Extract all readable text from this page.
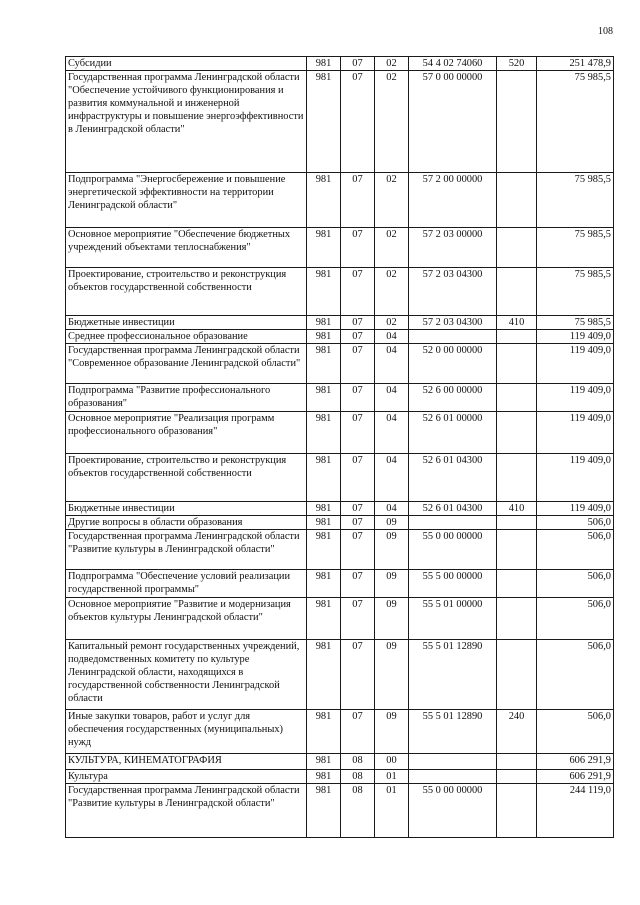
108
Субсидии	981	07	02	54 4 02 74060	520	251 478,9
Государственная программа Ленинградской области "Обеспечение устойчивого функционирования и развития коммунальной и инженерной инфраструктуры и повышение энергоэффективности в Ленинградской области"	981	07	02	57 0 00 00000		75 985,5
Подпрограмма "Энергосбережение и повышение энергетической эффективности на территории Ленинградской области"	981	07	02	57 2 00 00000		75 985,5
Основное мероприятие "Обеспечение бюджетных учреждений объектами теплоснабжения"	981	07	02	57 2 03 00000		75 985,5
Проектирование, строительство и реконструкция объектов государственной собственности	981	07	02	57 2 03 04300		75 985,5
Бюджетные инвестиции	981	07	02	57 2 03 04300	410	75 985,5
Среднее профессиональное образование	981	07	04			119 409,0
Государственная программа Ленинградской области "Современное образование Ленинградской области"	981	07	04	52 0 00 00000		119 409,0
Подпрограмма "Развитие профессионального образования"	981	07	04	52 6 00 00000		119 409,0
Основное мероприятие "Реализация программ профессионального образования"	981	07	04	52 6 01 00000		119 409,0
Проектирование, строительство и реконструкция объектов государственной собственности	981	07	04	52 6 01 04300		119 409,0
Бюджетные инвестиции	981	07	04	52 6 01 04300	410	119 409,0
Другие вопросы в области образования	981	07	09			506,0
Государственная программа Ленинградской области "Развитие культуры в Ленинградской области"	981	07	09	55 0 00 00000		506,0
Подпрограмма "Обеспечение условий реализации государственной программы"	981	07	09	55 5 00 00000		506,0
Основное мероприятие "Развитие и модернизация объектов культуры Ленинградской области"	981	07	09	55 5 01 00000		506,0
Капитальный ремонт государственных учреждений, подведомственных комитету по культуре Ленинградской области, находящихся в государственной собственности Ленинградской области	981	07	09	55 5 01 12890		506,0
Иные закупки товаров, работ и услуг для обеспечения государственных (муниципальных) нужд	981	07	09	55 5 01 12890	240	506,0
КУЛЬТУРА, КИНЕМАТОГРАФИЯ	981	08	00			606 291,9
Культура	981	08	01			606 291,9
Государственная программа Ленинградской области "Развитие культуры в Ленинградской области"	981	08	01	55 0 00 00000		244 119,0
